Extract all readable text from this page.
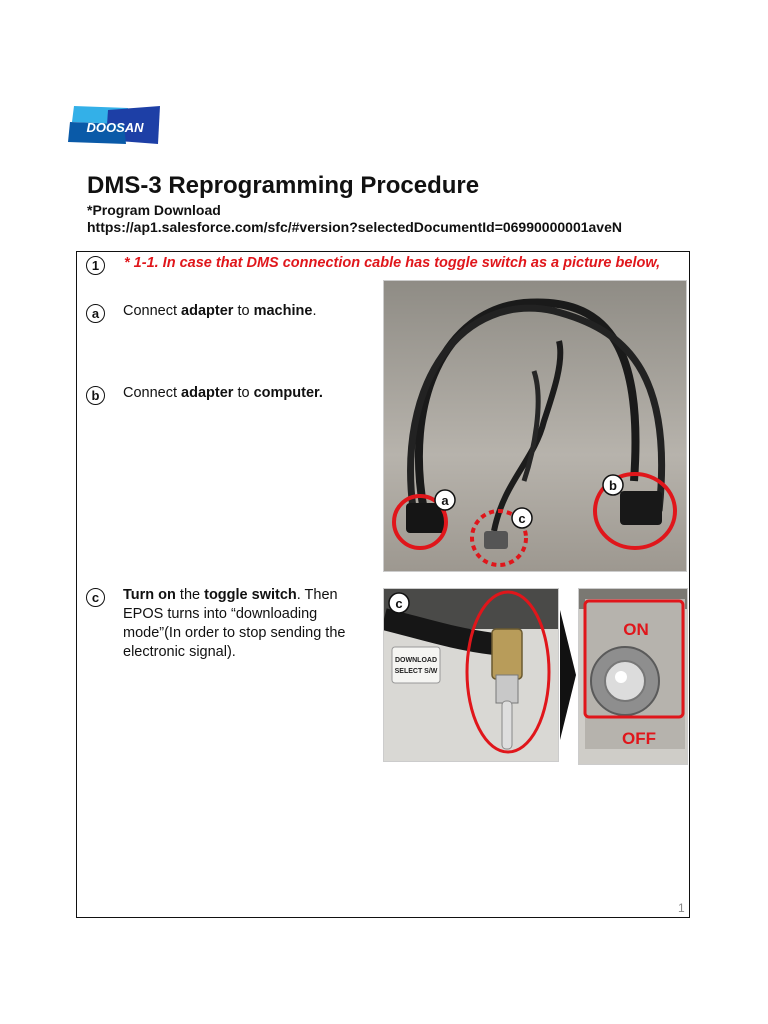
DOOSAN
DMS-3 Reprogramming Procedure
*Program Download
https://ap1.salesforce.com/sfc/#version?selectedDocumentId=06990000001aveN
1	* 1-1. In case that DMS connection cable has toggle switch as a picture below,
a	Connect adapter to machine.
b	Connect adapter to computer.
c	Turn on the toggle switch. Then EPOS turns into “downloading mode”(In order to stop sending the electronic signal).
a
b
c
DOWNLOAD
SELECT S/W
c
ON
OFF
1
